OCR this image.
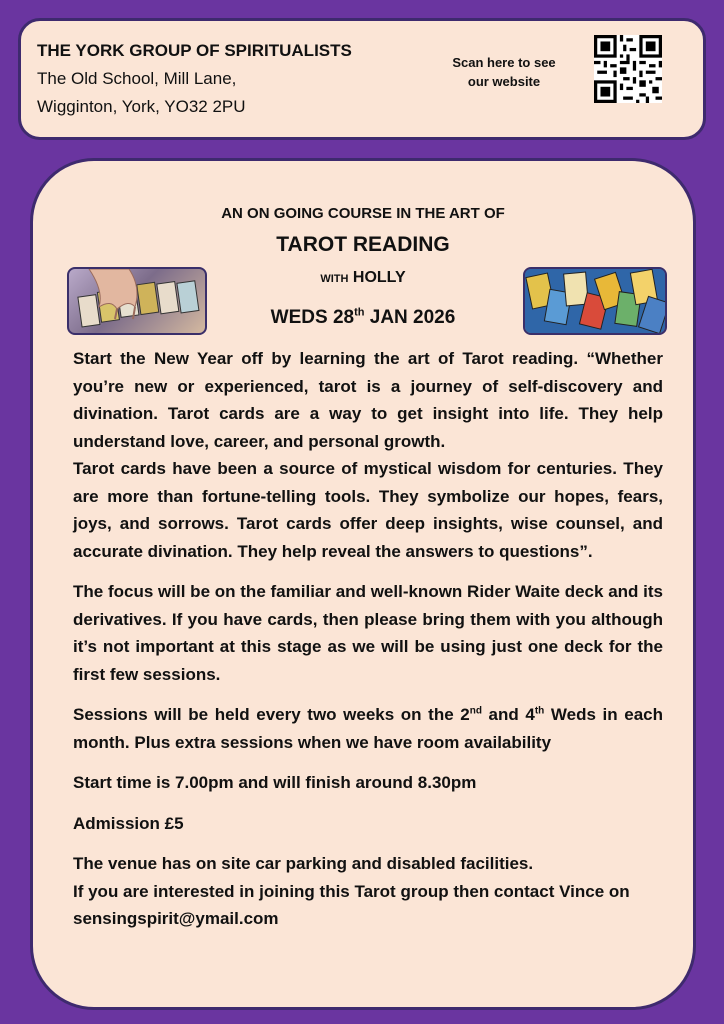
THE YORK GROUP OF SPIRITUALISTS
The Old School, Mill Lane,
Wigginton, York, YO32 2PU
Scan here to see
our website
AN ON GOING COURSE IN THE ART OF
TAROT READING
WITH HOLLY
WEDS 28th JAN 2026

Start the New Year off by learning the art of Tarot reading. “Whether you’re new or experienced, tarot is a journey of self-discovery and divination. Tarot cards are a way to get insight into life. They help understand love, career, and personal growth.

Tarot cards have been a source of mystical wisdom for centuries. They are more than fortune-telling tools. They symbolize our hopes, fears, joys, and sorrows. Tarot cards offer deep insights, wise counsel, and accurate divination. They help reveal the answers to questions”.

The focus will be on the familiar and well-known Rider Waite deck and its derivatives. If you have cards, then please bring them with you although it’s not important at this stage as we will be using just one deck for the first few sessions.

Sessions will be held every two weeks on the 2nd and 4th Weds in each month. Plus extra sessions when we have room availability

Start time is 7.00pm and will finish around 8.30pm

Admission £5

The venue has on site car parking and disabled facilities.

If you are interested in joining this Tarot group then contact Vince on sensingspirit@ymail.com
